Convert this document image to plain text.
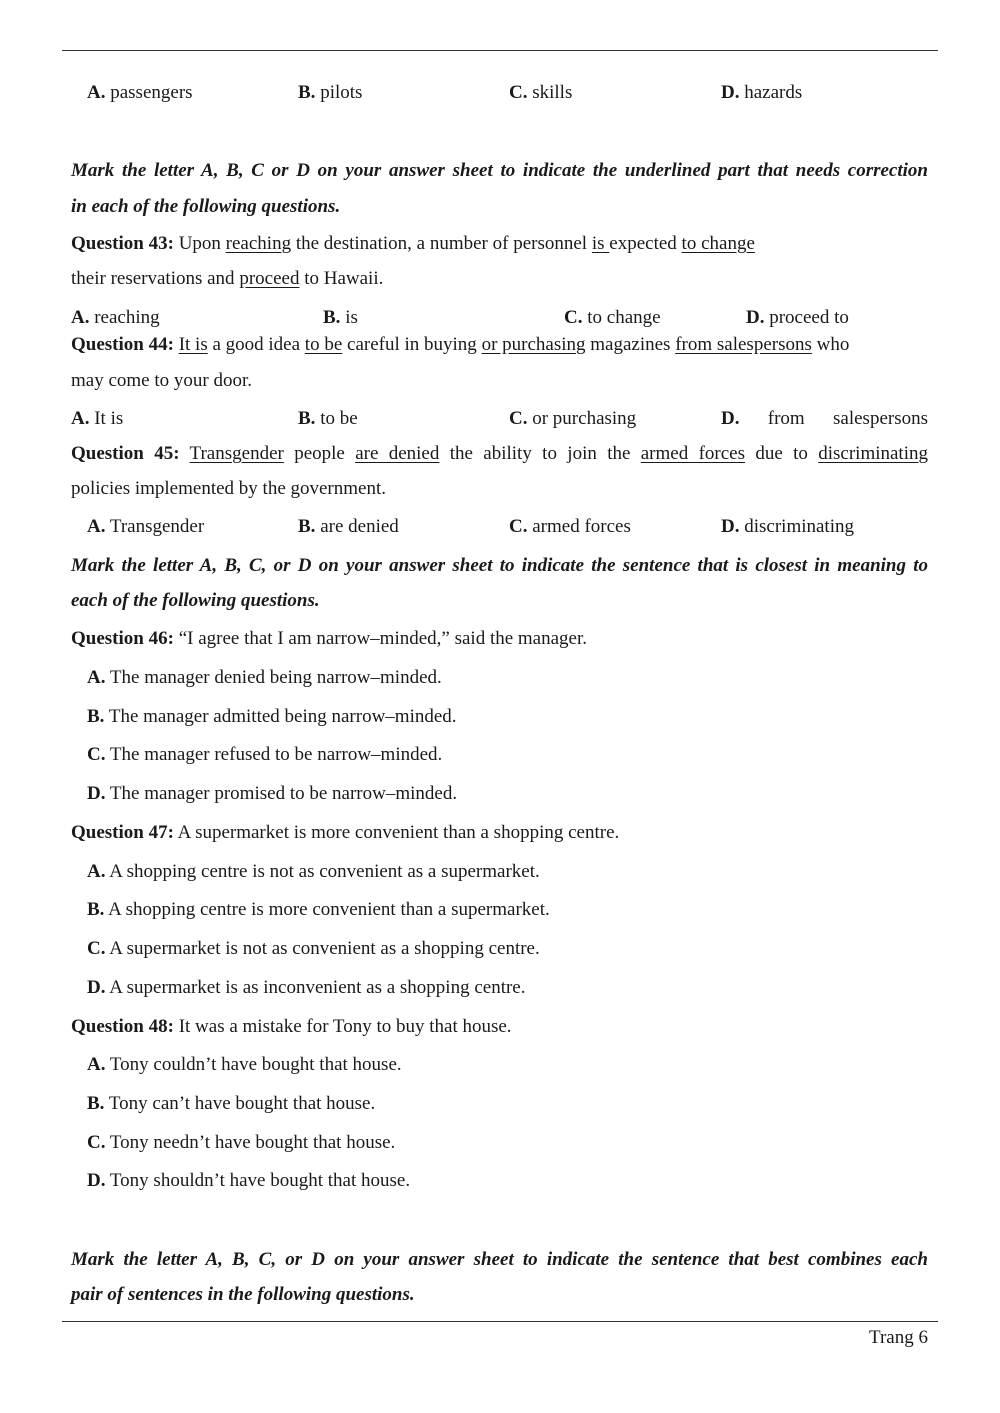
A. passengers	B. pilots	C. skills	D. hazards
Mark the letter A, B, C or D on your answer sheet to indicate the underlined part that needs correction
in each of the following questions.
Question 43: Upon reaching the destination, a number of personnel is expected to change
their reservations and proceed to Hawaii.
A. reaching	B. is	C. to change	D. proceed to
Question 44: It is a good idea to be careful in buying or purchasing magazines from salespersons who
may come to your door.
A. It is	B. to be	C. or purchasing	D. from salespersons
Question 45: Transgender people are denied the ability to join the armed forces due to discriminating
policies implemented by the government.
A. Transgender	B. are denied	C. armed forces	D. discriminating
Mark the letter A, B, C, or D on your answer sheet to indicate the sentence that is closest in meaning to
each of the following questions.
Question 46: “I agree that I am narrow–minded,” said the manager.
A. The manager denied being narrow–minded.
B. The manager admitted being narrow–minded.
C. The manager refused to be narrow–minded.
D. The manager promised to be narrow–minded.
Question 47: A supermarket is more convenient than a shopping centre.
A. A shopping centre is not as convenient as a supermarket.
B. A shopping centre is more convenient than a supermarket.
C. A supermarket is not as convenient as a shopping centre.
D. A supermarket is as inconvenient as a shopping centre.
Question 48: It was a mistake for Tony to buy that house.
A. Tony couldn’t have bought that house.
B. Tony can’t have bought that house.
C. Tony needn’t have bought that house.
D. Tony shouldn’t have bought that house.
Mark the letter A, B, C, or D on your answer sheet to indicate the sentence that best combines each
pair of sentences in the following questions.
Trang 6
